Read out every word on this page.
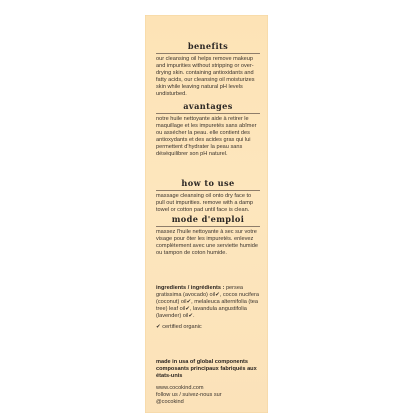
benefits

our cleansing oil helps remove makeup and impurities without stripping or over-drying skin. containing antioxidants and fatty acids, our cleansing oil moisturizes skin while leaving natural pH levels undisturbed.

avantages

notre huile nettoyante aide à retirer le maquillage et les impuretés sans abîmer ou assécher la peau. elle contient des antioxydants et des acides gras qui lui permettent d'hydrater la peau sans déséquilibrer son pH naturel.

how to use

massage cleansing oil onto dry face to pull out impurities. remove with a damp towel or cotton pad until face is clean.

mode d'emploi

massez l'huile nettoyante à sec sur votre visage pour ôter les impuretés. enlevez complètement avec une serviette humide ou tampon de coton humide.

ingredients / ingrédients : persea gratissima (avocado) oil✔, cocos nucifera (coconut) oil✔, melaleuca alternifolia (tea tree) leaf oil✔, lavandula angustifolia (lavender) oil✔.

✔ certified organic

made in usa of global components

composants principaux fabriqués aux états-unis

www.cocokind.com

follow us / suivez-nous sur

@cocokind
